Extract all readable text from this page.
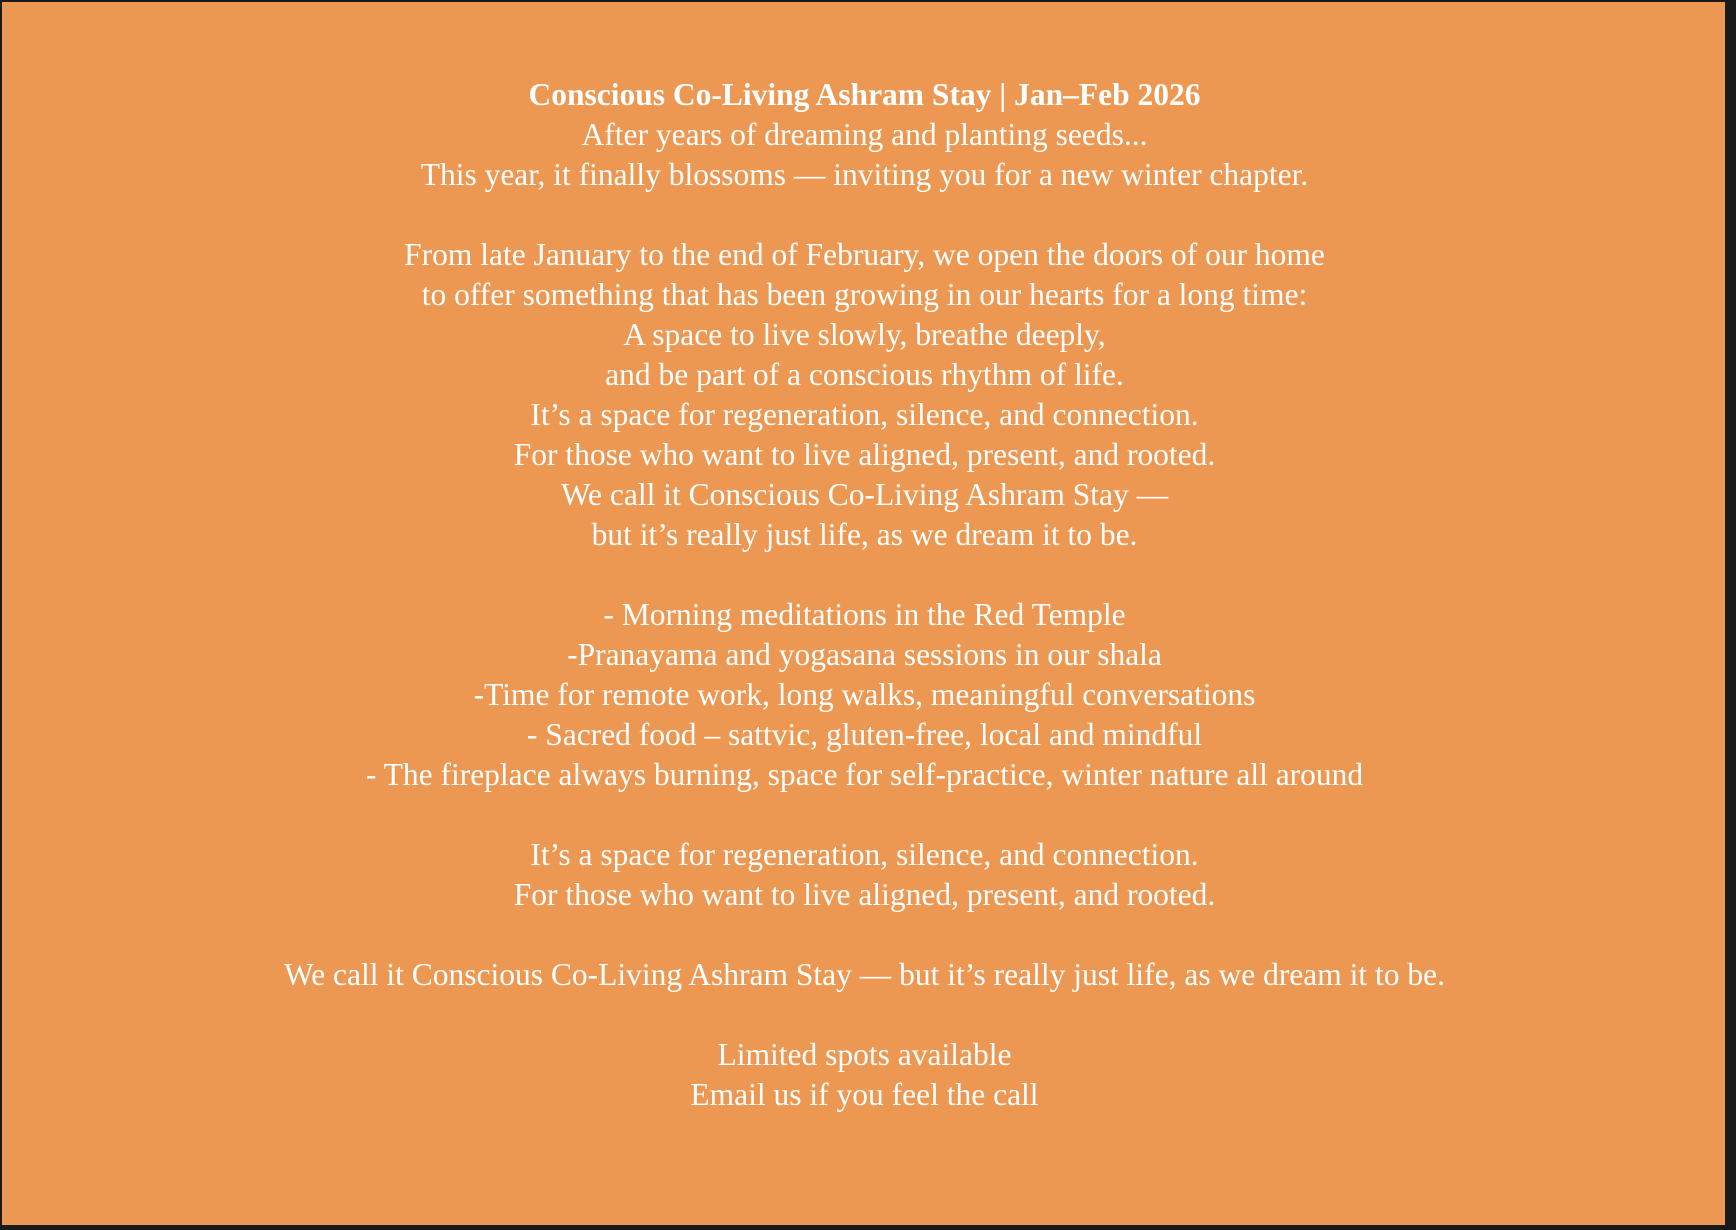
Conscious Co-Living Ashram Stay | Jan–Feb 2026
After years of dreaming and planting seeds...
This year, it finally blossoms — inviting you for a new winter chapter.
From late January to the end of February, we open the doors of our home
to offer something that has been growing in our hearts for a long time:
A space to live slowly, breathe deeply,
and be part of a conscious rhythm of life.
It’s a space for regeneration, silence, and connection.
For those who want to live aligned, present, and rooted.
We call it Conscious Co-Living Ashram Stay —
but it’s really just life, as we dream it to be.
- Morning meditations in the Red Temple
-Pranayama and yogasana sessions in our shala
-Time for remote work, long walks, meaningful conversations
- Sacred food – sattvic, gluten-free, local and mindful
- The fireplace always burning, space for self-practice, winter nature all around
It’s a space for regeneration, silence, and connection.
For those who want to live aligned, present, and rooted.
We call it Conscious Co-Living Ashram Stay — but it’s really just life, as we dream it to be.
Limited spots available
Email us if you feel the call
